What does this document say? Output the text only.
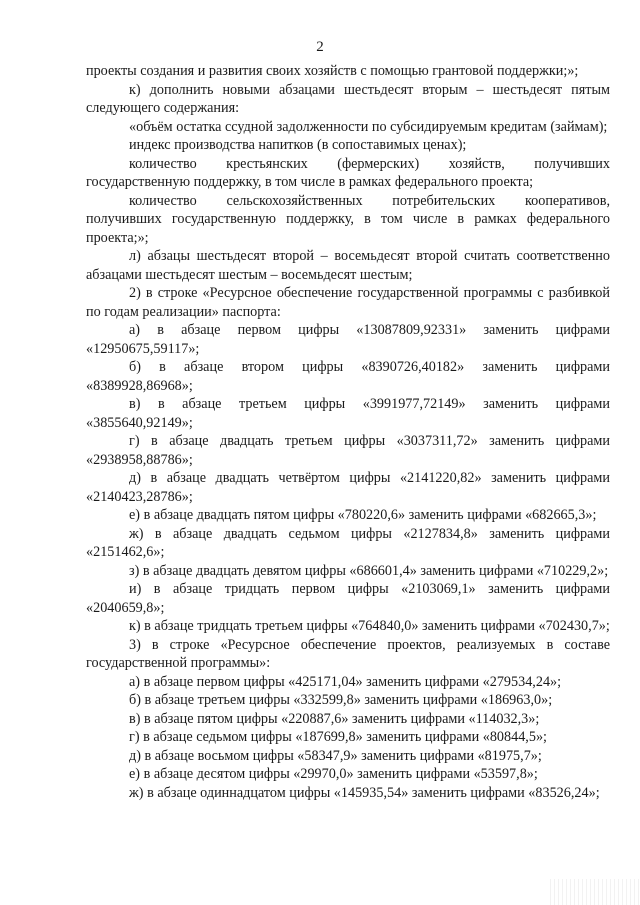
2

проекты создания и развития своих хозяйств с помощью грантовой поддержки;»;

к) дополнить новыми абзацами шестьдесят вторым – шестьдесят пятым следующего содержания:

«объём остатка ссудной задолженности по субсидируемым кредитам (займам);

индекс производства напитков (в сопоставимых ценах);

количество крестьянских (фермерских) хозяйств, получивших государственную поддержку, в том числе в рамках федерального проекта;

количество сельскохозяйственных потребительских кооперативов, получивших государственную поддержку, в том числе в рамках федерального проекта;»;

л) абзацы шестьдесят второй – восемьдесят второй считать соответственно абзацами шестьдесят шестым – восемьдесят шестым;

2) в строке «Ресурсное обеспечение государственной программы с разбивкой по годам реализации» паспорта:

а) в абзаце первом цифры «13087809,92331» заменить цифрами «12950675,59117»;

б) в абзаце втором цифры «8390726,40182» заменить цифрами «8389928,86968»;

в) в абзаце третьем цифры «3991977,72149» заменить цифрами «3855640,92149»;

г) в абзаце двадцать третьем цифры «3037311,72» заменить цифрами «2938958,88786»;

д) в абзаце двадцать четвёртом цифры «2141220,82» заменить цифрами «2140423,28786»;

е) в абзаце двадцать пятом цифры «780220,6» заменить цифрами «682665,3»;

ж) в абзаце двадцать седьмом цифры «2127834,8» заменить цифрами «2151462,6»;

з) в абзаце двадцать девятом цифры «686601,4» заменить цифрами «710229,2»;

и) в абзаце тридцать первом цифры «2103069,1» заменить цифрами «2040659,8»;

к) в абзаце тридцать третьем цифры «764840,0» заменить цифрами «702430,7»;

3) в строке «Ресурсное обеспечение проектов, реализуемых в составе государственной программы»:

а) в абзаце первом цифры «425171,04» заменить цифрами «279534,24»;

б) в абзаце третьем цифры «332599,8» заменить цифрами «186963,0»;

в) в абзаце пятом цифры «220887,6» заменить цифрами «114032,3»;

г) в абзаце седьмом цифры «187699,8» заменить цифрами «80844,5»;

д) в абзаце восьмом цифры «58347,9» заменить цифрами «81975,7»;

е) в абзаце десятом цифры «29970,0» заменить цифрами «53597,8»;

ж) в абзаце одиннадцатом цифры «145935,54» заменить цифрами «83526,24»;
